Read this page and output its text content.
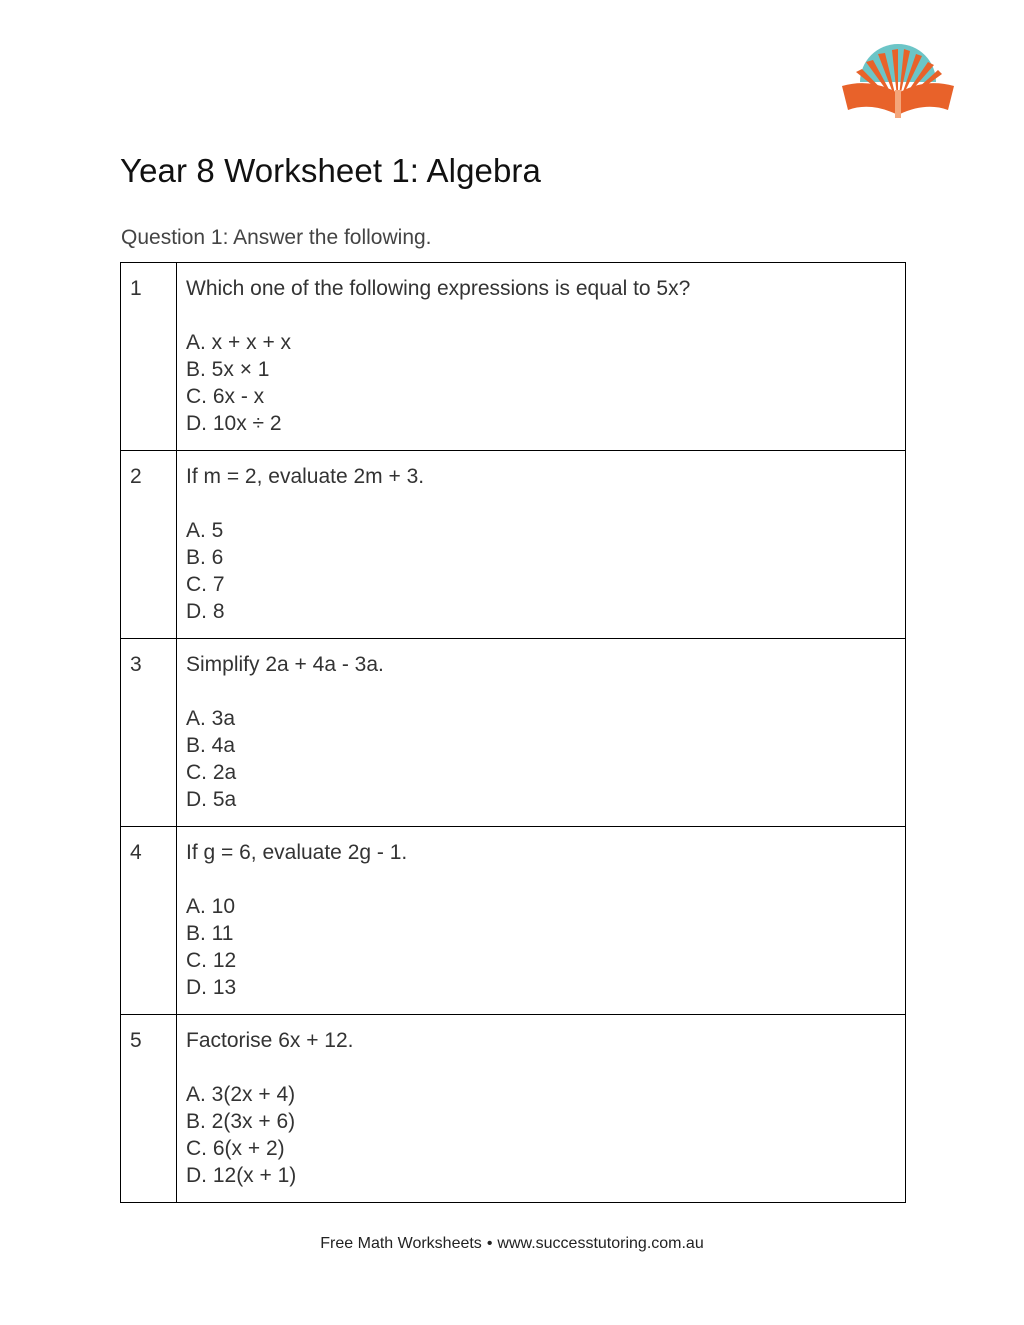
Year 8 Worksheet 1: Algebra
Question 1: Answer the following.
1	Which one of the following expressions is equal to 5x?

A. x + x + x
B. 5x × 1
C. 6x - x
D. 10x ÷ 2

2	If m = 2, evaluate 2m + 3.

A. 5
B. 6
C. 7
D. 8

3	Simplify 2a + 4a - 3a.

A. 3a
B. 4a
C. 2a
D. 5a

4	If g = 6, evaluate 2g - 1.

A. 10
B. 11
C. 12
D. 13

5	Factorise 6x + 12.

A. 3(2x + 4)
B. 2(3x + 6)
C. 6(x + 2)
D. 12(x + 1)
Free Math Worksheets • www.successtutoring.com.au
